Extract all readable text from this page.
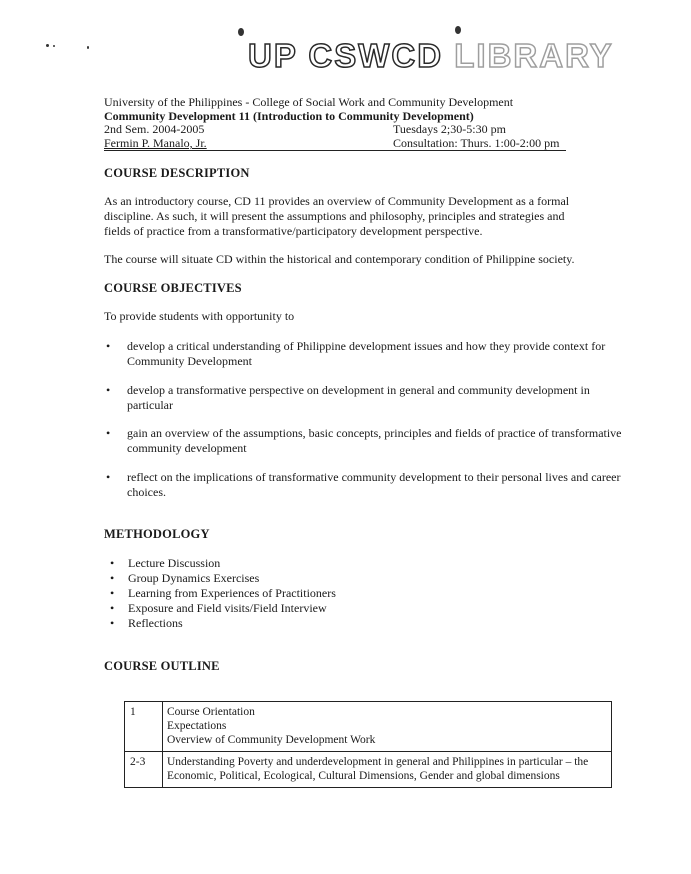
UP CSWCD LIBRARY
University of the Philippines - College of Social Work and Community Development
Community Development 11 (Introduction to Community Development)
2nd Sem. 2004-2005	Tuesdays 2;30-5:30 pm
Fermin P. Manalo, Jr.	Consultation: Thurs. 1:00-2:00 pm
COURSE DESCRIPTION
As an introductory course, CD 11 provides an overview of Community Development as a formal discipline. As such, it will present the assumptions and philosophy, principles and strategies and fields of practice from a transformative/participatory development perspective.
The course will situate CD within the historical and contemporary condition of Philippine society.
COURSE OBJECTIVES
To provide students with opportunity to
• develop a critical understanding of Philippine development issues and how they provide context for Community Development
• develop a transformative perspective on development in general and community development in particular
• gain an overview of the assumptions, basic concepts, principles and fields of practice of transformative community development
• reflect on the implications of transformative community development to their personal lives and career choices.
METHODOLOGY
• Lecture Discussion
• Group Dynamics Exercises
• Learning from Experiences of Practitioners
• Exposure and Field visits/Field Interview
• Reflections
COURSE OUTLINE
1	Course Orientation
Expectations
Overview of Community Development Work

2-3	Understanding Poverty and underdevelopment in general and Philippines in particular – the Economic, Political, Ecological, Cultural Dimensions, Gender and global dimensions
